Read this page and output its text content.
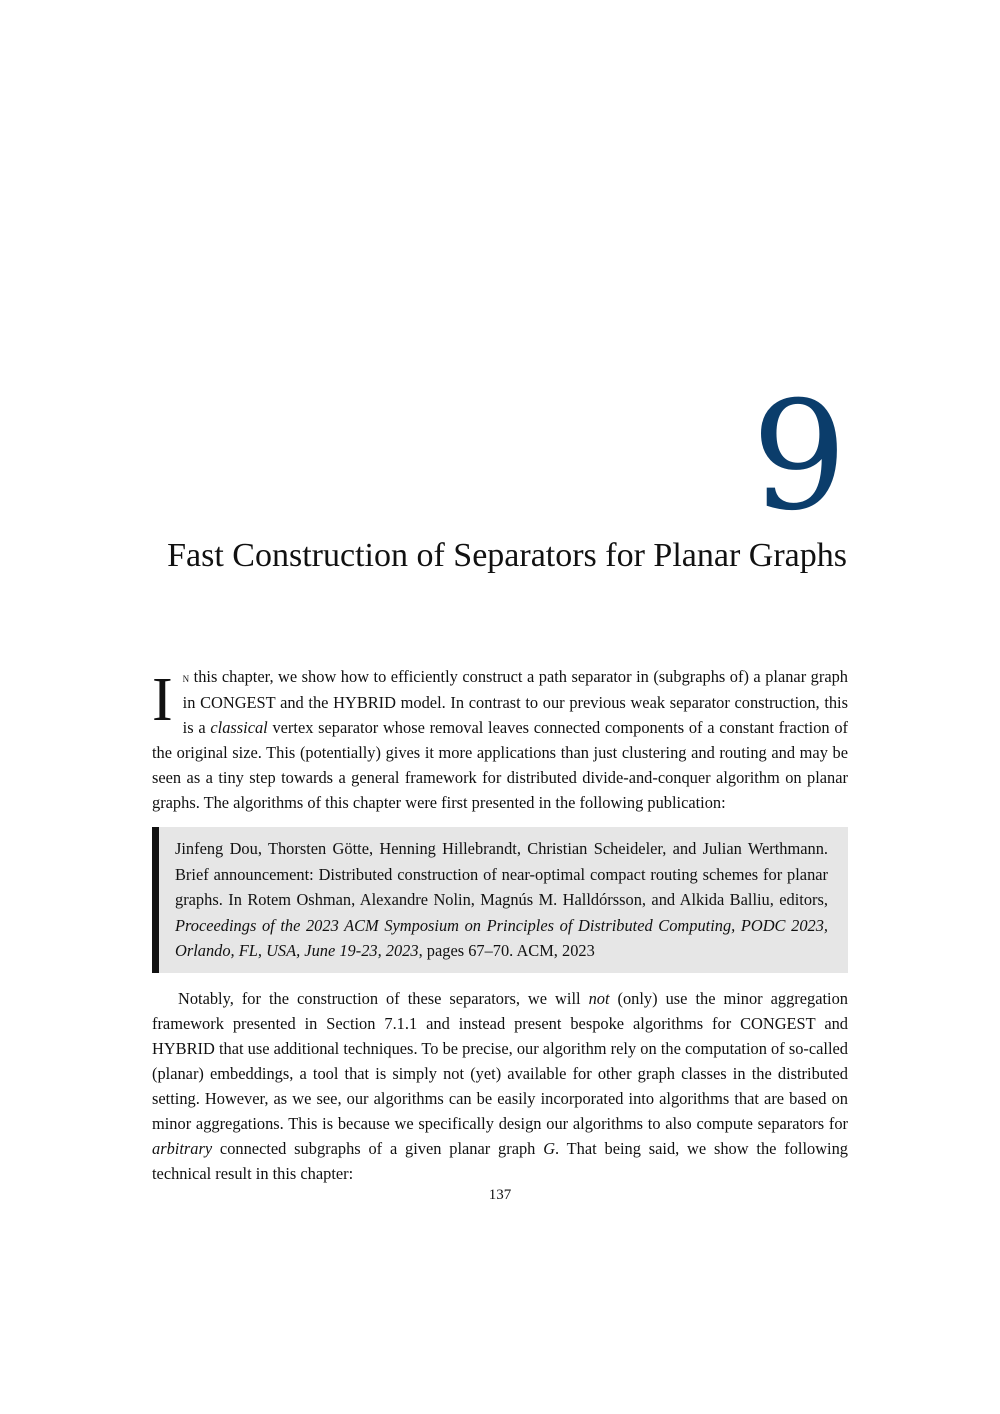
9
Fast Construction of Separators for Planar Graphs

In this chapter, we show how to efficiently construct a path separator in (subgraphs of) a planar graph in CONGEST and the HYBRID model. In contrast to our previous weak separator construction, this is a classical vertex separator whose removal leaves connected components of a constant fraction of the original size. This (potentially) gives it more applications than just clustering and routing and may be seen as a tiny step towards a general framework for distributed divide-and-conquer algorithm on planar graphs. The algorithms of this chapter were first presented in the following publication:

Jinfeng Dou, Thorsten Götte, Henning Hillebrandt, Christian Scheideler, and Julian Werthmann. Brief announcement: Distributed construction of near-optimal compact routing schemes for planar graphs. In Rotem Oshman, Alexandre Nolin, Magnús M. Halldórsson, and Alkida Balliu, editors, Proceedings of the 2023 ACM Symposium on Principles of Distributed Computing, PODC 2023, Orlando, FL, USA, June 19-23, 2023, pages 67–70. ACM, 2023

Notably, for the construction of these separators, we will not (only) use the minor aggregation framework presented in Section 7.1.1 and instead present bespoke algorithms for CONGEST and HYBRID that use additional techniques. To be precise, our algorithm rely on the computation of so-called (planar) embeddings, a tool that is simply not (yet) available for other graph classes in the distributed setting. However, as we see, our algorithms can be easily incorporated into algorithms that are based on minor aggregations. This is because we specifically design our algorithms to also compute separators for arbitrary connected subgraphs of a given planar graph G. That being said, we show the following technical result in this chapter:

137
